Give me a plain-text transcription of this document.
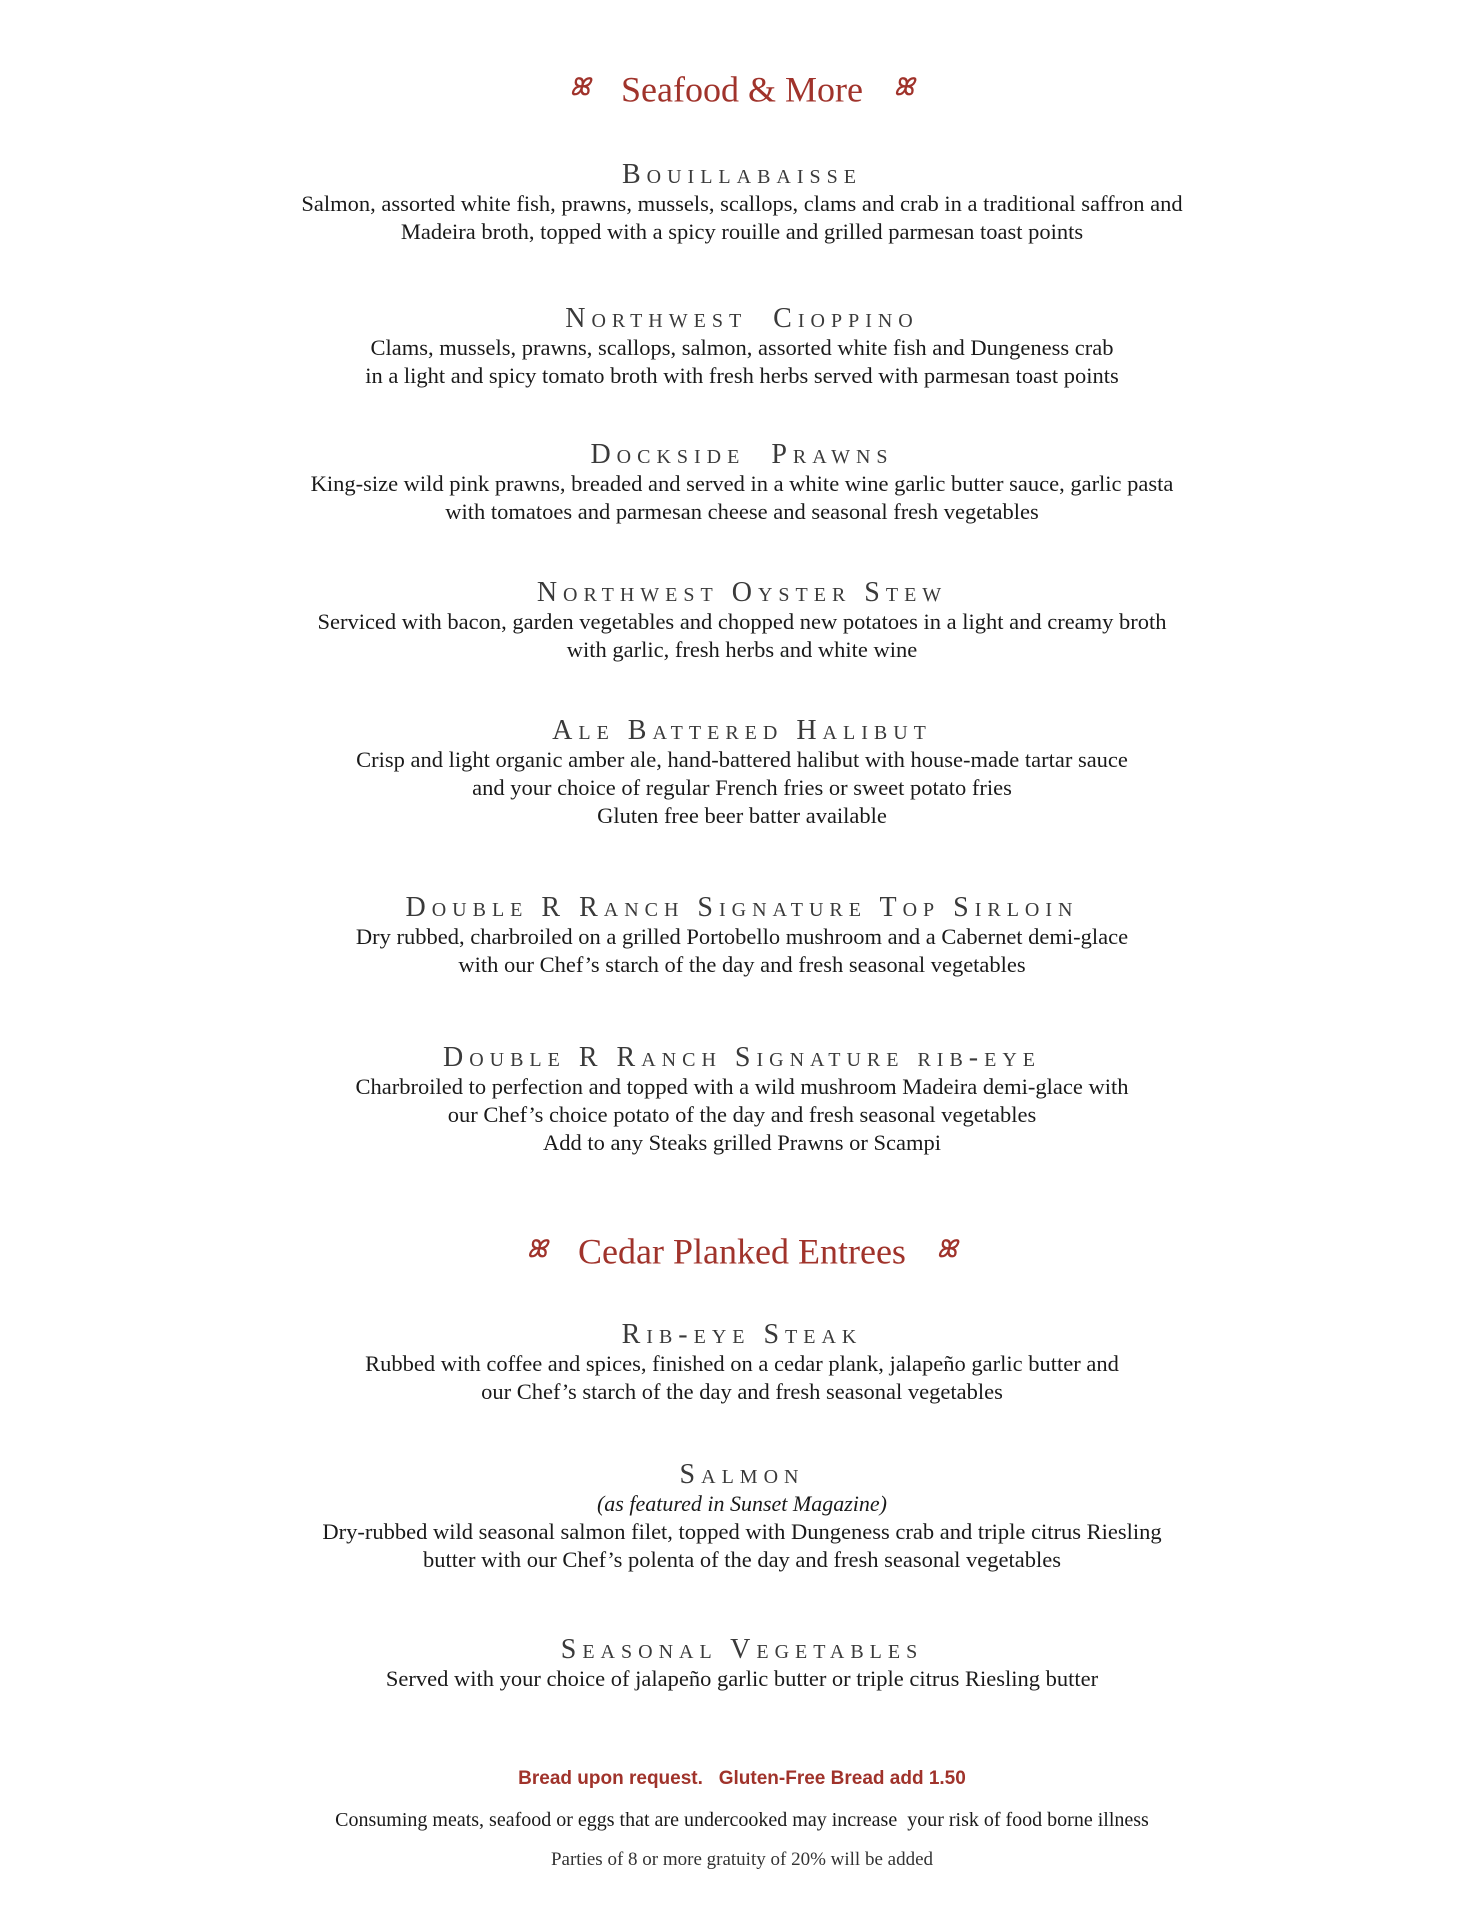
ꕤ Seafood & More ꕤ
Bouillabaisse
Salmon, assorted white fish, prawns, mussels, scallops, clams and crab in a traditional saffron and
Madeira broth, topped with a spicy rouille and grilled parmesan toast points
Northwest  Cioppino
Clams, mussels, prawns, scallops, salmon, assorted white fish and Dungeness crab
in a light and spicy tomato broth with fresh herbs served with parmesan toast points
Dockside  Prawns
King-size wild pink prawns, breaded and served in a white wine garlic butter sauce, garlic pasta
with tomatoes and parmesan cheese and seasonal fresh vegetables
Northwest Oyster Stew
Serviced with bacon, garden vegetables and chopped new potatoes in a light and creamy broth
with garlic, fresh herbs and white wine
Ale Battered Halibut
Crisp and light organic amber ale, hand-battered halibut with house-made tartar sauce
and your choice of regular French fries or sweet potato fries
Gluten free beer batter available
Double R Ranch Signature Top Sirloin
Dry rubbed, charbroiled on a grilled Portobello mushroom and a Cabernet demi-glace
with our Chef’s starch of the day and fresh seasonal vegetables
Double R Ranch Signature rib-eye
Charbroiled to perfection and topped with a wild mushroom Madeira demi-glace with
our Chef’s choice potato of the day and fresh seasonal vegetables
Add to any Steaks grilled Prawns or Scampi
ꕤ Cedar Planked Entrees ꕤ
Rib-eye Steak
Rubbed with coffee and spices, finished on a cedar plank, jalapeño garlic butter and
our Chef’s starch of the day and fresh seasonal vegetables
Salmon
(as featured in Sunset Magazine)
Dry-rubbed wild seasonal salmon filet, topped with Dungeness crab and triple citrus Riesling
butter with our Chef’s polenta of the day and fresh seasonal vegetables
Seasonal Vegetables
Served with your choice of jalapeño garlic butter or triple citrus Riesling butter
Bread upon request.   Gluten-Free Bread add 1.50
Consuming meats, seafood or eggs that are undercooked may increase  your risk of food borne illness
Parties of 8 or more gratuity of 20% will be added
